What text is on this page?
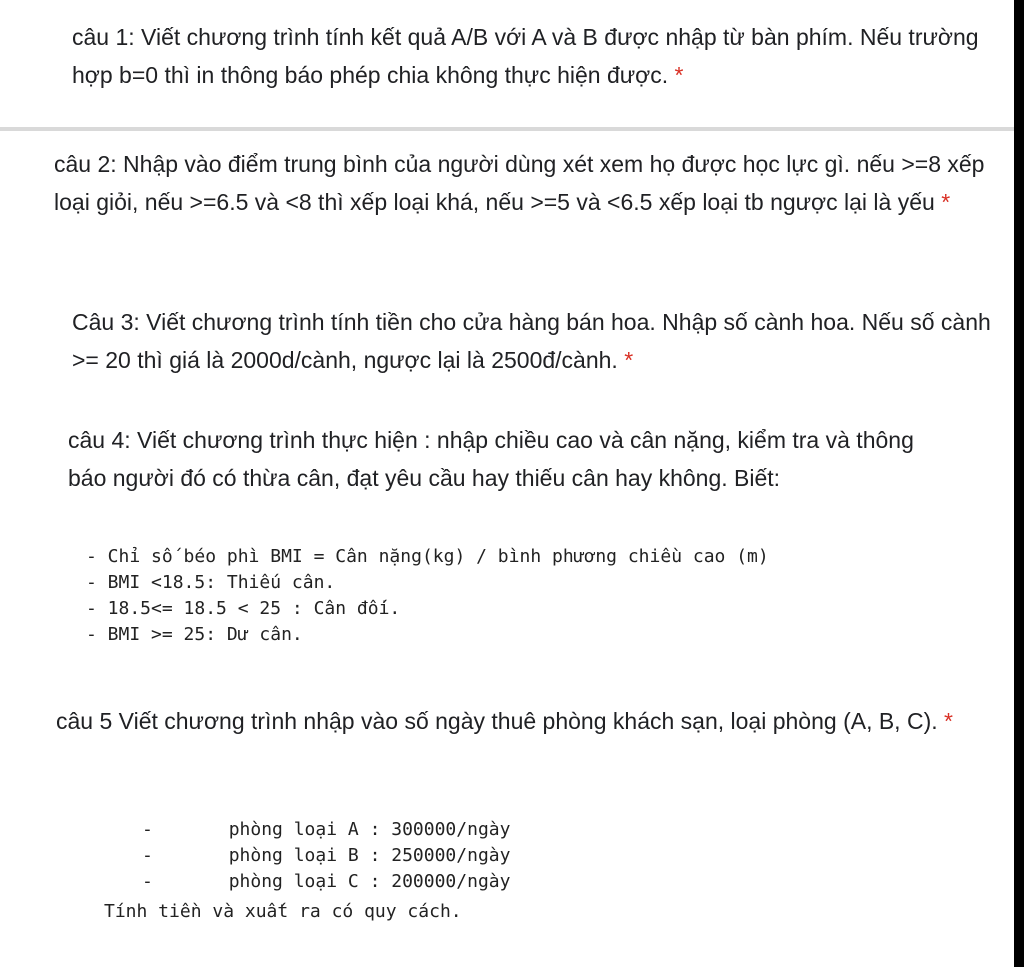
câu 1: Viết chương trình tính kết quả A/B với A và B được nhập từ bàn phím. Nếu trường hợp b=0 thì in thông báo phép chia không thực hiện được. *

câu 2: Nhập vào điểm trung bình của người dùng xét xem họ được học lực gì. nếu >=8 xếp loại giỏi, nếu >=6.5 và <8 thì xếp loại khá, nếu >=5 và <6.5 xếp loại tb ngược lại là yếu *

Câu 3: Viết chương trình tính tiền cho cửa hàng bán hoa. Nhập số cành hoa. Nếu số cành >= 20 thì giá là 2000d/cành, ngược lại là 2500đ/cành. *

câu 4: Viết chương trình thực hiện : nhập chiều cao và cân nặng, kiểm tra và thông báo người đó có thừa cân, đạt yêu cầu hay thiếu cân hay không. Biết:

- Chỉ số béo phì BMI = Cân nặng(kg) / bình phương chiều cao (m)
- BMI <18.5: Thiếu cân.
- 18.5<= 18.5 < 25 : Cân đối.
- BMI >= 25: Dư cân.

câu 5 Viết chương trình nhập vào số ngày thuê phòng khách sạn, loại phòng (A, B, C). *

-       phòng loại A : 300000/ngày
-       phòng loại B : 250000/ngày
-       phòng loại C : 200000/ngày

Tính tiền và xuất ra có quy cách.
